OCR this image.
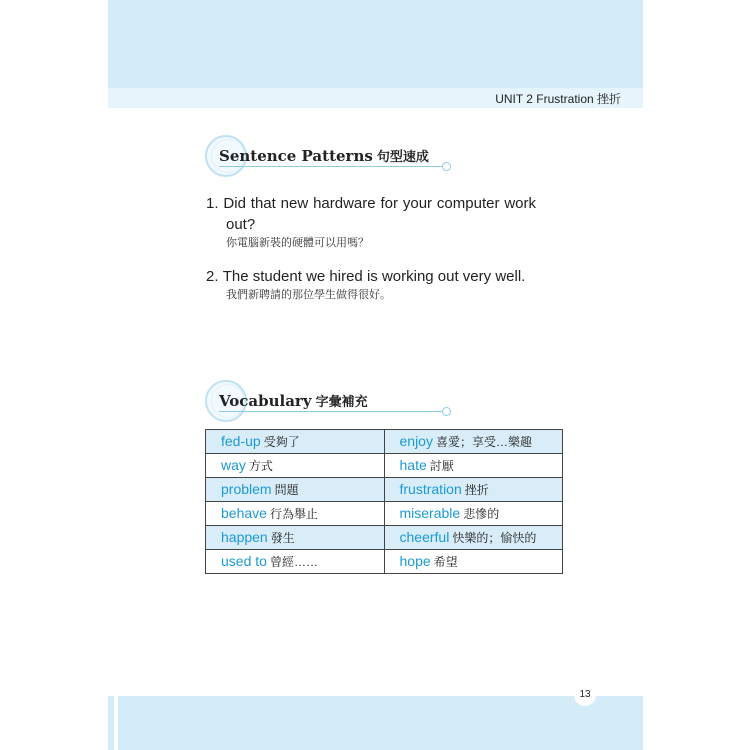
UNIT 2 Frustration 挫折
Sentence Patterns 句型速成
1. Did that new hardware for your computer work out?
你電腦新裝的硬體可以用嗎？
2. The student we hired is working out very well.
我們新聘請的那位學生做得很好。
Vocabulary 字彙補充
fed-up 受夠了	enjoy 喜愛；享受…樂趣
way 方式	hate 討厭
problem 問題	frustration 挫折
behave 行為舉止	miserable 悲慘的
happen 發生	cheerful 快樂的；愉快的
used to 曾經……	hope 希望
13
